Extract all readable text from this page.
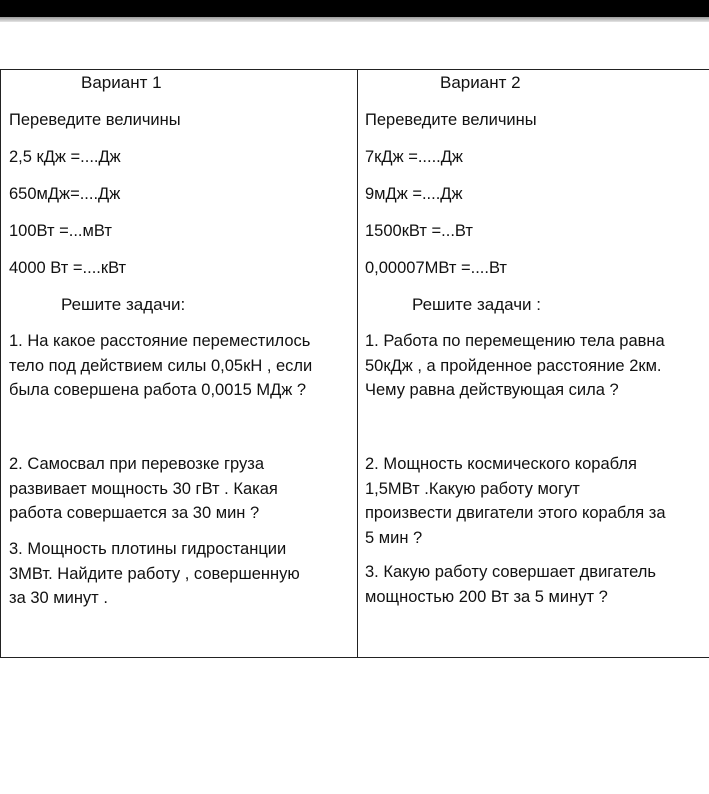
Вариант 1
Переведите величины
2,5 кДж =....Дж
650мДж=....Дж
100Вт =...мВт
4000 Вт =....кВт
Решите задачи:
1. На какое расстояние переместилось
тело под действием силы 0,05кН , если
была совершена работа 0,0015 МДж ?
2. Самосвал при перевозке груза
развивает мощность 30 гВт . Какая
работа совершается за 30 мин ?
3. Мощность плотины гидростанции
3МВт. Найдите работу , совершенную
за 30 минут .
Вариант 2
Переведите величины
7кДж =.....Дж
9мДж =....Дж
1500кВт =...Вт
0,00007МВт =....Вт
Решите задачи :
1. Работа по перемещению тела равна
50кДж , а пройденное расстояние 2км.
Чему равна действующая сила ?
2. Мощность космического корабля
1,5МВт .Какую работу могут
произвести двигатели этого корабля за
5 мин ?
3. Какую работу совершает двигатель
мощностью 200 Вт за 5 минут ?
